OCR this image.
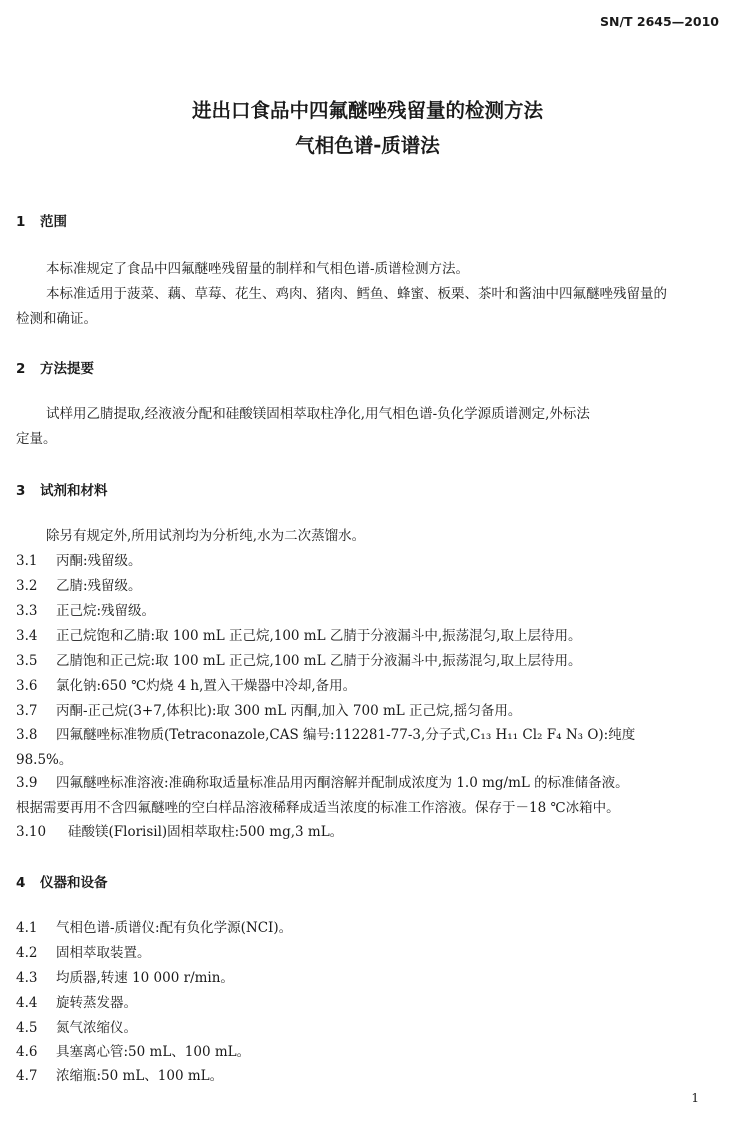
SN/T 2645—2010
进出口食品中四氟醚唑残留量的检测方法
气相色谱-质谱法
1 范围
本标准规定了食品中四氟醚唑残留量的制样和气相色谱-质谱检测方法。
本标准适用于菠菜、藕、草莓、花生、鸡肉、猪肉、鳕鱼、蜂蜜、板栗、茶叶和酱油中四氟醚唑残留量的
检测和确证。
2 方法提要
试样用乙腈提取,经液液分配和硅酸镁固相萃取柱净化,用气相色谱-负化学源质谱测定,外标法
定量。
3 试剂和材料
除另有规定外,所用试剂均为分析纯,水为二次蒸馏水。
3.1 丙酮:残留级。
3.2 乙腈:残留级。
3.3 正己烷:残留级。
3.4 正己烷饱和乙腈:取 100 mL 正己烷,100 mL 乙腈于分液漏斗中,振荡混匀,取上层待用。
3.5 乙腈饱和正己烷:取 100 mL 正己烷,100 mL 乙腈于分液漏斗中,振荡混匀,取上层待用。
3.6 氯化钠:650 ℃灼烧 4 h,置入干燥器中冷却,备用。
3.7 丙酮-正己烷(3+7,体积比):取 300 mL 丙酮,加入 700 mL 正己烷,摇匀备用。
3.8 四氟醚唑标准物质(Tetraconazole,CAS 编号:112281-77-3,分子式,C₁₃ H₁₁ Cl₂ F₄ N₃ O):纯度
98.5%。
3.9 四氟醚唑标准溶液:准确称取适量标准品用丙酮溶解并配制成浓度为 1.0 mg/mL 的标准储备液。
根据需要再用不含四氟醚唑的空白样品溶液稀释成适当浓度的标准工作溶液。保存于－18 ℃冰箱中。
3.10 硅酸镁(Florisil)固相萃取柱:500 mg,3 mL。
4 仪器和设备
4.1 气相色谱-质谱仪:配有负化学源(NCI)。
4.2 固相萃取装置。
4.3 均质器,转速 10 000 r/min。
4.4 旋转蒸发器。
4.5 氮气浓缩仪。
4.6 具塞离心管:50 mL、100 mL。
4.7 浓缩瓶:50 mL、100 mL。
1
